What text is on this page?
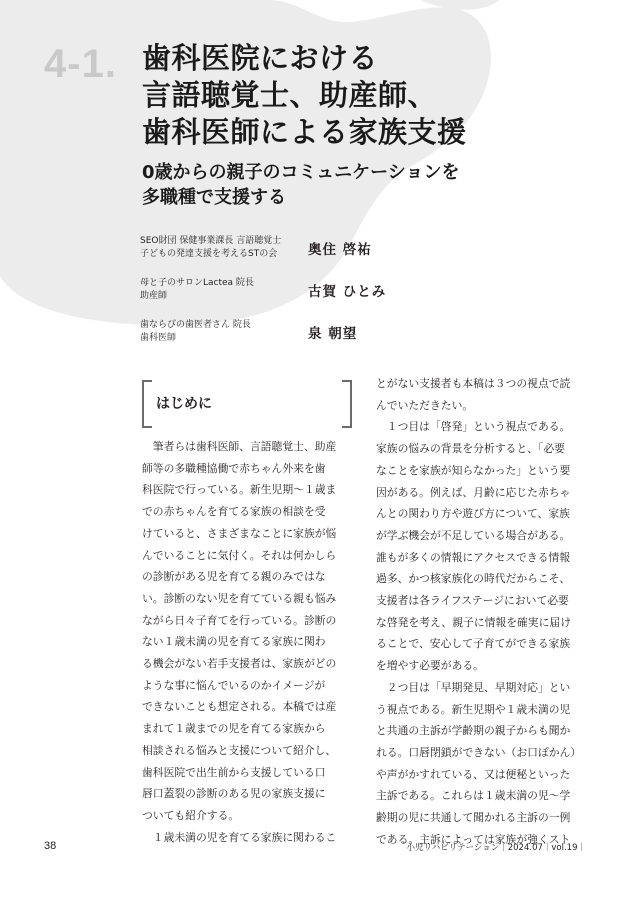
4-1. 歯科医院における
言語聴覚士、助産師、
歯科医師による家族支援
0歳からの親子のコミュニケーションを
多職種で支援する
SEO財団 保健事業課長 言語聴覚士
子どもの発達支援を考えるSTの会	奥住 啓祐
母と子のサロンLactea 院長
助産師	古賀 ひとみ
歯ならびの歯医者さん 院長
歯科医師	泉 朝望
はじめに
　筆者らは歯科医師、言語聴覚士、助産
師等の多職種協働で赤ちゃん外来を歯
科医院で行っている。新生児期～１歳ま
での赤ちゃんを育てる家族の相談を受
けていると、さまざまなことに家族が悩
んでいることに気付く。それは何かしら
の診断がある児を育てる親のみではな
い。診断のない児を育てている親も悩み
ながら日々子育てを行っている。診断の
ない１歳未満の児を育てる家族に関わ
る機会がない若手支援者は、家族がどの
ような事に悩んでいるのかイメージが
できないことも想定される。本稿では産
まれて１歳までの児を育てる家族から
相談される悩みと支援について紹介し、
歯科医院で出生前から支援している口
唇口蓋裂の診断のある児の家族支援に
ついても紹介する。
　１歳未満の児を育てる家族に関わるこ
とがない支援者も本稿は３つの視点で読
んでいただきたい。
　１つ目は「啓発」という視点である。
家族の悩みの背景を分析すると、「必要
なことを家族が知らなかった」という要
因がある。例えば、月齢に応じた赤ちゃ
んとの関わり方や遊び方について、家族
が学ぶ機会が不足している場合がある。
誰もが多くの情報にアクセスできる情報
過多、かつ核家族化の時代だからこそ、
支援者は各ライフステージにおいて必要
な啓発を考え、親子に情報を確実に届け
ることで、安心して子育てができる家族
を増やす必要がある。
　２つ目は「早期発見、早期対応」とい
う視点である。新生児期や１歳未満の児
と共通の主訴が学齢期の親子からも聞か
れる。口唇閉鎖ができない（お口ぽかん）
や声がかすれている、又は便秘といった
主訴である。これらは１歳未満の児～学
齢期の児に共通して聞かれる主訴の一例
である。主訴によっては家族が強くスト
38	小児リハビリテーション｜2024.07｜vol.19｜
